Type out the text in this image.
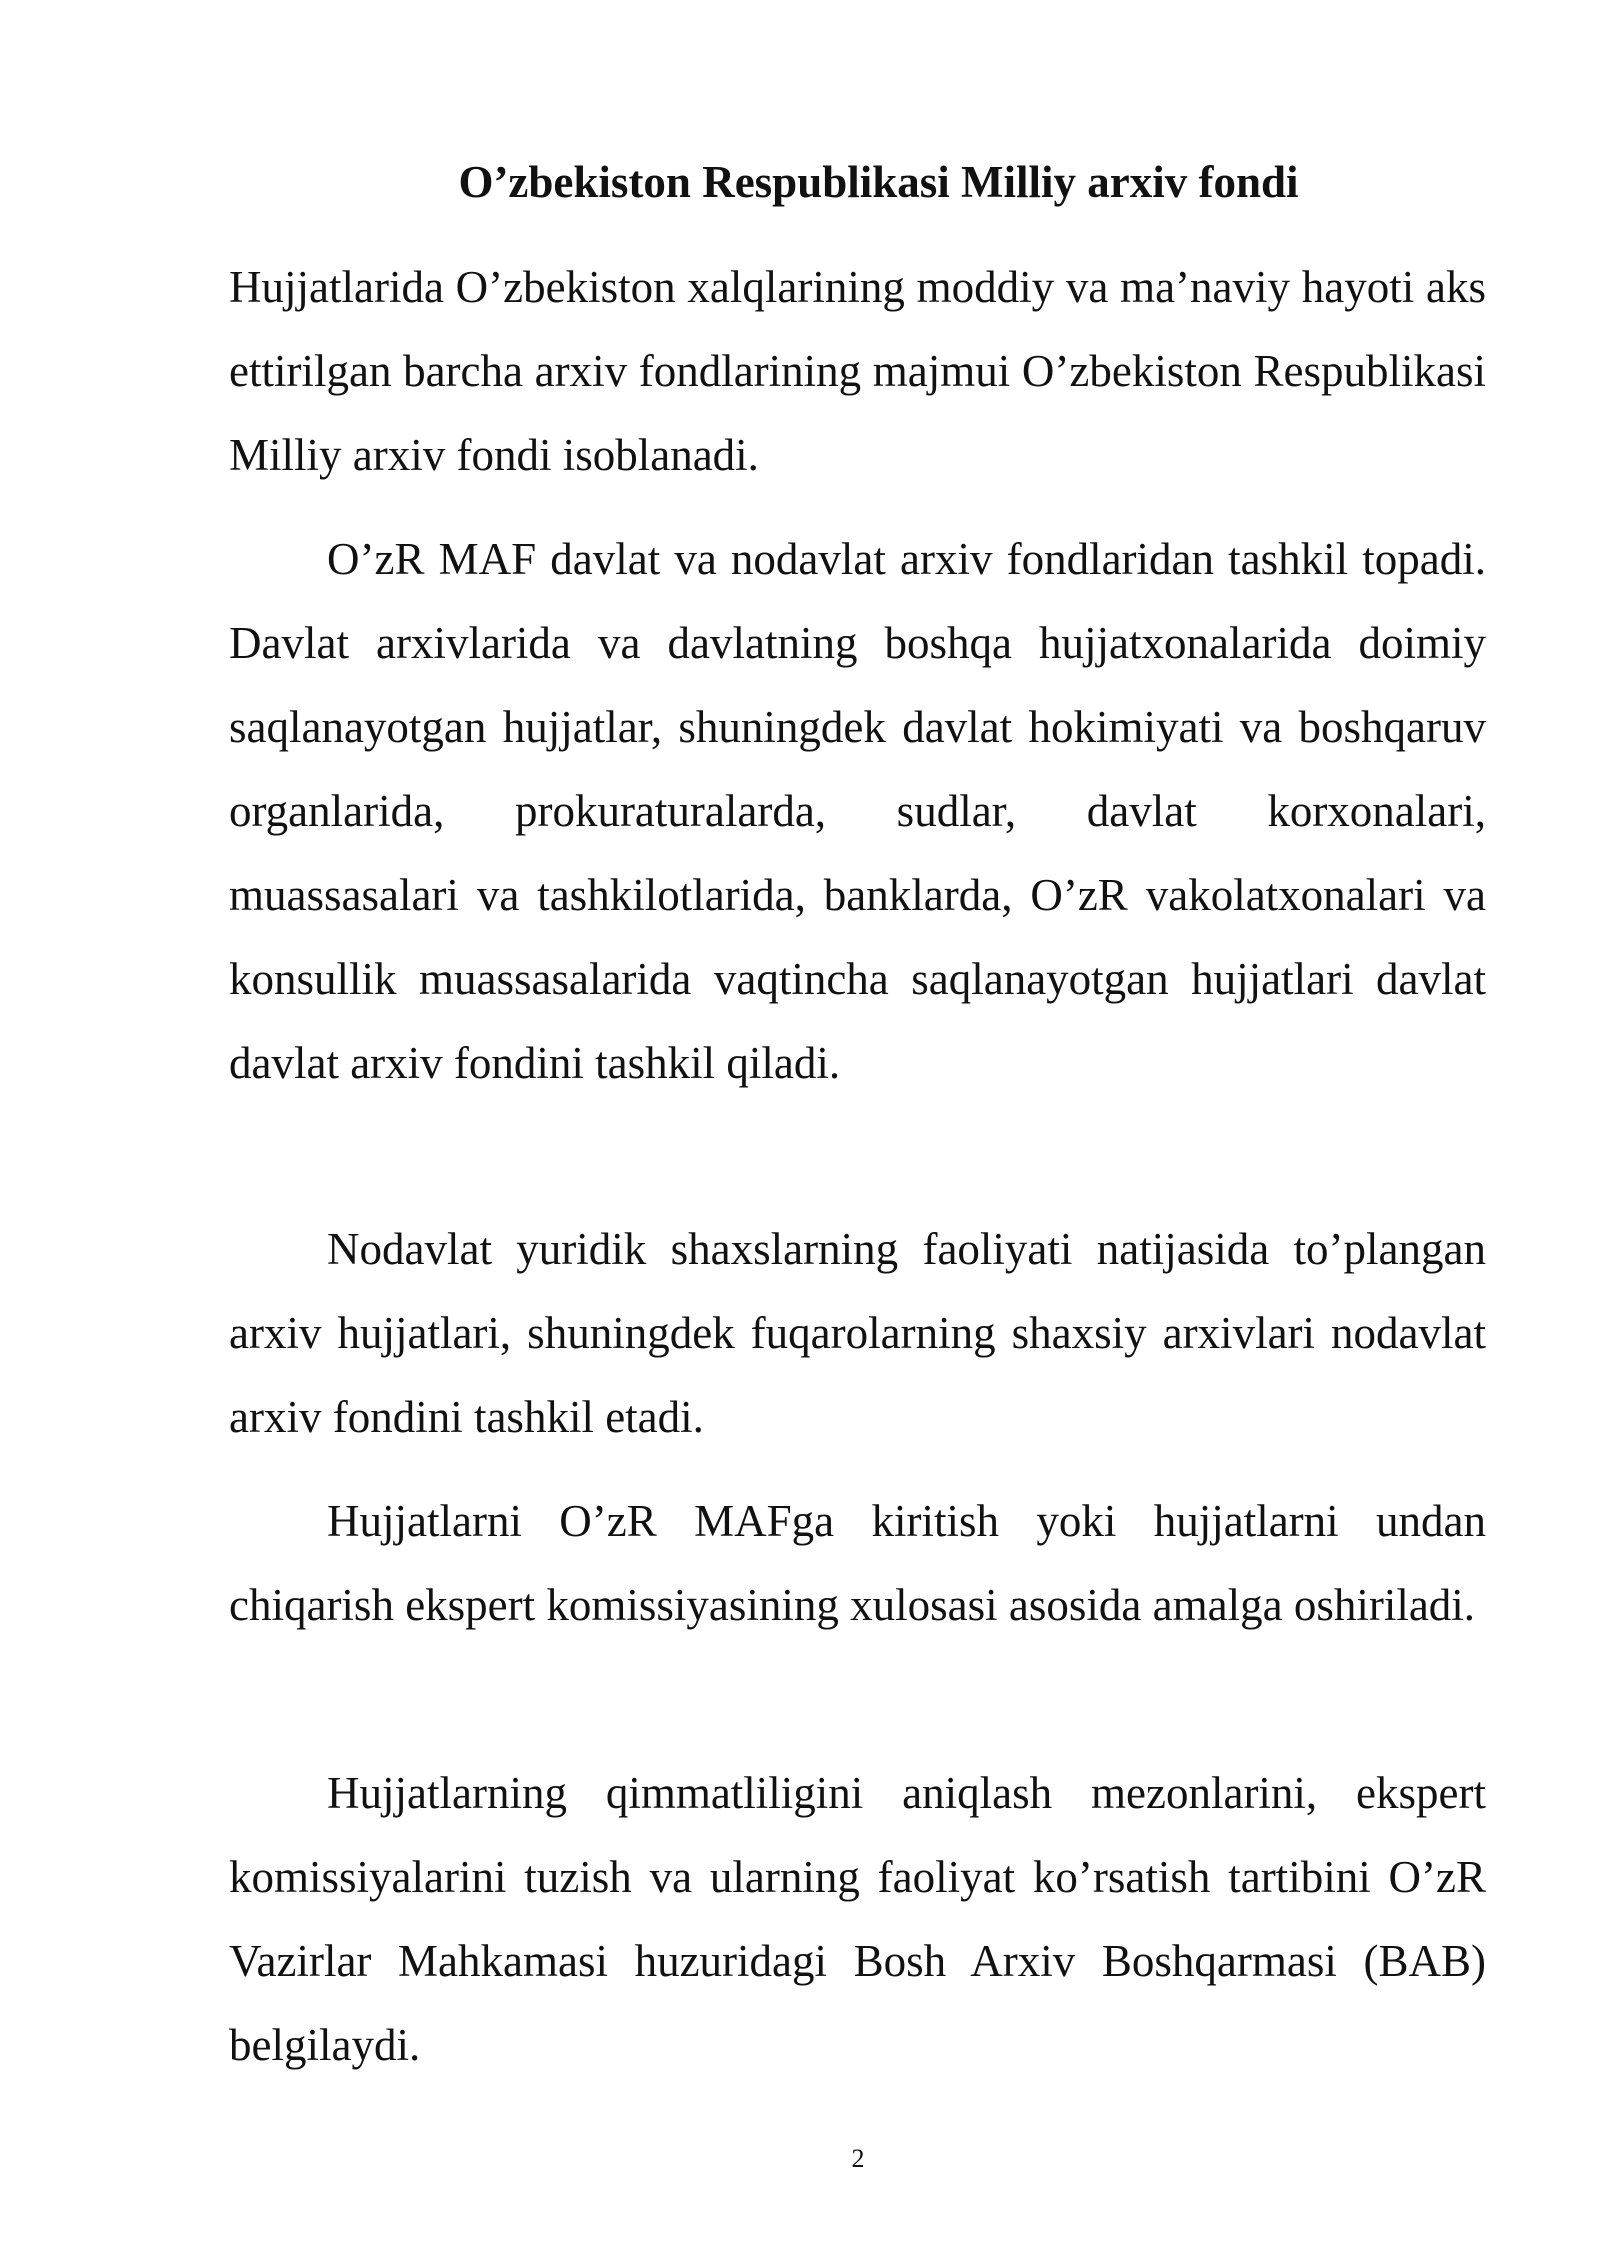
O’zbekiston Respublikasi Milliy arxiv fondi

Hujjatlarida O’zbekiston xalqlarining moddiy va ma’naviy hayoti aks ettirilgan barcha arxiv fondlarining majmui O’zbekiston Respublikasi Milliy arxiv fondi isoblanadi.

O’zR MAF davlat va nodavlat arxiv fondlaridan tashkil topadi. Davlat arxivlarida va davlatning boshqa hujjatxonalarida doimiy saqlanayotgan hujjatlar, shuningdek davlat hokimiyati va boshqaruv organlarida, prokuraturalarda, sudlar, davlat korxonalari, muassasalari va tashkilotlarida, banklarda, O’zR vakolatxonalari va konsullik muassasalarida vaqtincha saqlanayotgan hujjatlari davlat davlat arxiv fondini tashkil qiladi.

Nodavlat yuridik shaxslarning faoliyati natijasida to’plangan arxiv hujjatlari, shuningdek fuqarolarning shaxsiy arxivlari nodavlat arxiv fondini tashkil etadi.

Hujjatlarni O’zR MAFga kiritish yoki hujjatlarni undan chiqarish ekspert komissiyasining xulosasi asosida amalga oshiriladi.

Hujjatlarning qimmatliligini aniqlash mezonlarini, ekspert komissiyalarini tuzish va ularning faoliyat ko’rsatish tartibini O’zR Vazirlar Mahkamasi huzuridagi Bosh Arxiv Boshqarmasi (BAB) belgilaydi.

2
